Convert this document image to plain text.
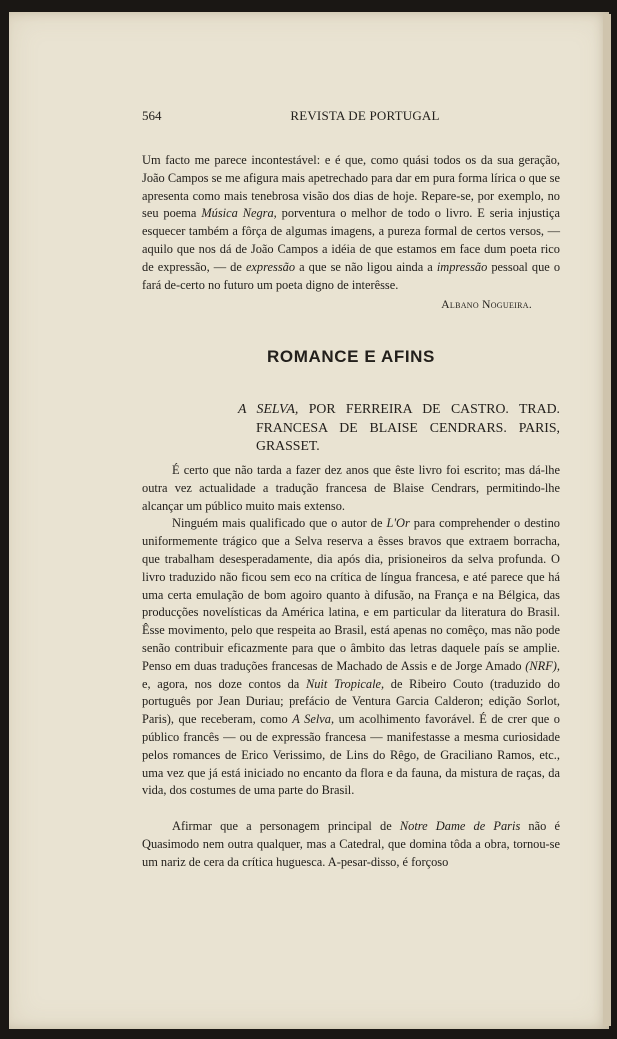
564	REVISTA DE PORTUGAL

Um facto me parece incontestável: e é que, como quási todos os da sua geração, João Campos se me afigura mais apetrechado para dar em pura forma lírica o que se apresenta como mais tenebrosa visão dos dias de hoje. Repare-se, por exemplo, no seu poema Música Negra, porventura o melhor de todo o livro. E seria injustiça esquecer também a fôrça de algumas imagens, a pureza formal de certos versos, — aquilo que nos dá de João Campos a idéia de que estamos em face dum poeta rico de expressão, — de expressão a que se não ligou ainda a impressão pessoal que o fará de-certo no futuro um poeta digno de interêsse.

Albano Nogueira.
ROMANCE E AFINS

A SELVA, POR FERREIRA DE CASTRO. TRAD. FRANCESA DE BLAISE CENDRARS. PARIS, GRASSET.

É certo que não tarda a fazer dez anos que êste livro foi escrito; mas dá-lhe outra vez actualidade a tradução francesa de Blaise Cendrars, permitindo-lhe alcançar um público muito mais extenso.

Ninguém mais qualificado que o autor de L'Or para comprehender o destino uniformemente trágico que a Selva reserva a êsses bravos que extraem borracha, que trabalham desesperadamente, dia após dia, prisioneiros da selva profunda. O livro traduzido não ficou sem eco na crítica de língua francesa, e até parece que há uma certa emulação de bom agoiro quanto à difusão, na França e na Bélgica, das producções novelísticas da América latina, e em particular da literatura do Brasil. Êsse movimento, pelo que respeita ao Brasil, está apenas no comêço, mas não pode senão contribuir eficazmente para que o âmbito das letras daquele país se amplie. Penso em duas traduções francesas de Machado de Assis e de Jorge Amado (NRF), e, agora, nos doze contos da Nuit Tropicale, de Ribeiro Couto (traduzido do português por Jean Duriau; prefácio de Ventura Garcia Calderon; edição Sorlot, Paris), que receberam, como A Selva, um acolhimento favorável. É de crer que o público francês — ou de expressão francesa — manifestasse a mesma curiosidade pelos romances de Erico Verissimo, de Lins do Rêgo, de Graciliano Ramos, etc., uma vez que já está iniciado no encanto da flora e da fauna, da mistura de raças, da vida, dos costumes de uma parte do Brasil.

Afirmar que a personagem principal de Notre Dame de Paris não é Quasimodo nem outra qualquer, mas a Catedral, que domina tôda a obra, tornou-se um nariz de cera da crítica huguesca. A-pesar-disso, é forçoso
